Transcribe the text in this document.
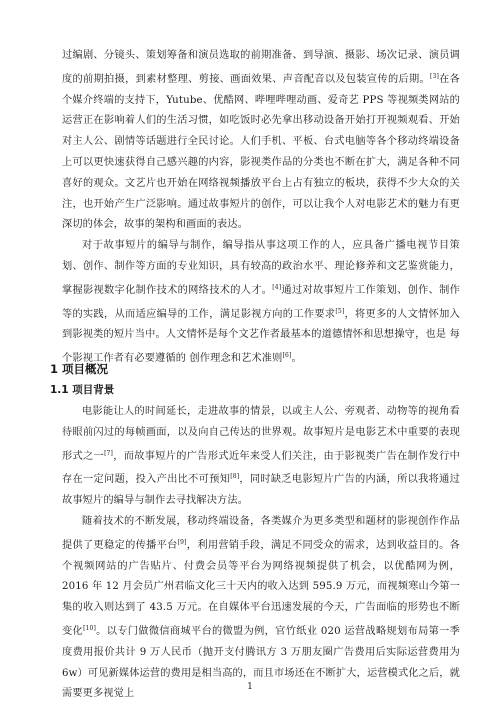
过编剧、分镜头、策划筹备和演员选取的前期准备、到导演、摄影、场次记录、演员调度的前期拍摄，到素材整理、剪接、画面效果、声音配音以及包装宣传的后期。[3]在各个媒介终端的支持下，Yutube、优酷网、哔哩哔哩动画、爱奇艺 PPS 等视频类网站的运营正在影响着人们的生活习惯，如吃饭时必先拿出移动设备开始打开视频观看、开始对主人公、剧情等话题进行全民讨论。人们手机、平板、台式电脑等各个移动终端设备上可以更快速获得自己感兴趣的内容，影视类作品的分类也不断在扩大，满足各种不同喜好的观众。文艺片也开始在网络视频播放平台上占有独立的板块，获得不少大众的关注，也开始产生广泛影响。通过故事短片的创作，可以让我个人对电影艺术的魅力有更深切的体会，故事的架构和画面的表达。

对于故事短片的编导与制作，编导指从事这项工作的人，应具备广播电视节目策划、创作、制作等方面的专业知识，具有较高的政治水平、理论修养和文艺鉴赏能力，掌握影视数字化制作技术的网络技术的人才。[4]通过对故事短片工作策划、创作、制作等的实践，从而适应编导的工作，满足影视方向的工作要求[5]，将更多的人文情怀加入到影视类的短片当中。人文情怀是每个文艺作者最基本的道德情怀和思想操守，也是 每个影视工作者有必要遵循的 创作理念和艺术准则[6]。

1 项目概况
1.1 项目背景

电影能让人的时间延长，走进故事的情景，以或主人公、旁观者、动物等的视角看待眼前闪过的每帧画面，以及向自己传达的世界观。故事短片是电影艺术中重要的表现形式之一[7]，而故事短片的广告形式近年来受人们关注，由于影视类广告在制作发行中存在一定问题，投入产出比不可预知[8]，同时缺乏电影短片广告的内涵，所以我将通过故事短片的编导与制作去寻找解决方法。

随着技术的不断发展，移动终端设备，各类媒介为更多类型和题材的影视创作作品提供了更稳定的传播平台[9]，利用营销手段，满足不同受众的需求，达到收益目的。各个视频网站的广告贴片、付费会员等平台为网络视频提供了机会，以优酷网为例，2016 年 12 月会员广州君临文化三十天内的收入达到 595.9 万元，而视频寒山今第一集的收入则达到了 43.5 万元。在自媒体平台迅速发展的今天，广告面临的形势也不断变化[10]。以专门做微信商城平台的微盟为例，官竹纸业 020 运营战略规划布局第一季度费用报价共计 9 万人民币（抛开支付腾讯方 3 万朋友圈广告费用后实际运营费用为 6w）可见新媒体运营的费用是相当高的，而且市场还在不断扩大，运营模式化之后，就需要更多视觉上

1
